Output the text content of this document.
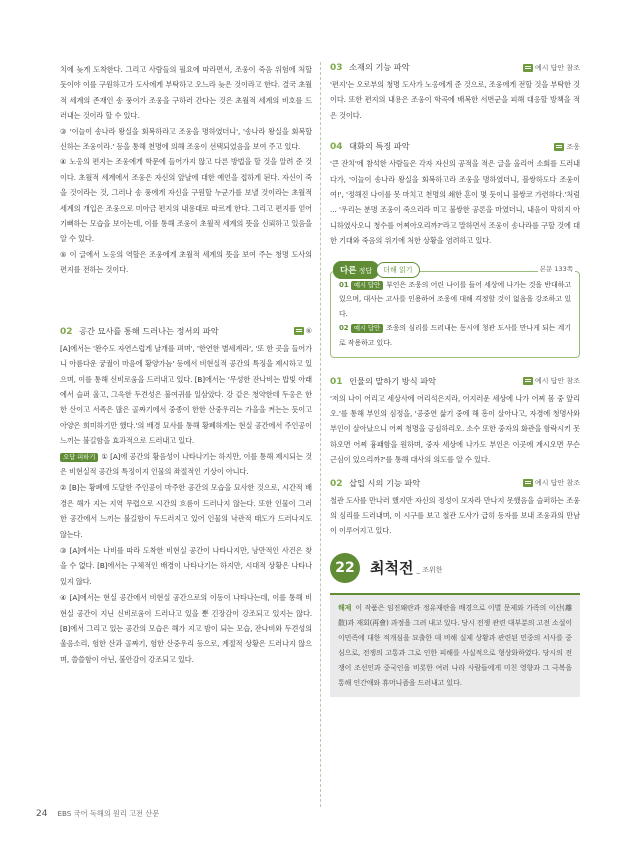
치에 늦게 도착한다. 그리고 사람들의 필요에 따라면서, 조웅이 죽음 위험에 처할 듯이야 이를 구원하고가 도사에게 부탁하고 오느라 늦은 것이라고 한다. 결국 초월적 세계의 존재인 송 풍이가 조웅을 구하러 간다는 것은 초월적 세계의 비호를 드러내는 것이라 할 수 있다.

③ '이늘이 송나라 왕실을 회복하라고 조웅을 명하였더니', '송나라 왕실을 회복할 신하는 조웅이라.' 등을 통해 천명에 의해 조웅이 선택되었음을 보여 주고 있다.

④ 노옹의 편지는 조웅에게 학문에 들어가지 않고 다른 방법을 할 것을 알려 준 것이다. 초월적 세계에서 조웅은 자신의 앞날에 대한 예언을 접하게 된다. 자신이 죽을 것이라는 것, 그러나 송 풍에게 자신을 구원할 누군가를 보낼 것이라는 초월적 세계의 개입은 조웅으로 미아금 편지의 내용대로 따르게 한다. 그리고 편지를 얻어 기뻐하는 모습을 보이는데, 이를 통해 조웅이 초월적 세계의 뜻을 신뢰하고 있음을 알 수 있다.

⑤ 이 글에서 노옹의 역할은 조웅에게 초월적 세계의 뜻을 보여 주는 청명 도사의 편지를 전하는 것이다.

02 공간 묘사를 통해 드러나는 정서의 파악	⑥

[A]에서는 '완수도 자연스럽게 날개를 펴며', '한연한 별세계라', '또 한 곳을 들어가니 아름다운 궁궐이 마음에 황양가늠' 등에서 비현실적 공간의 특징을 제시하고 있으며, 이를 통해 신비로움을 드러내고 있다. [B]에서는 '무성한 잔나비는 밥빛 아래에서 슬퍼 울고, 그윽한 두견성은 불여귀를 일삼았다. 강 같은 청약한데 두옹은 한한 산이고 서족은 많은 골짜기에서 중종이 한한 산중우리는 가을을 켜는는 듯이고 아양은 희미하기만 했다.'의 배경 묘사를 통해 황폐하게는 현실 공간에서 주인공이 느끼는 불길함을 효과적으로 드러내고 있다.

오답 피하기 ① [A]에 공간의 황음성이 나타나기는 하지만, 이를 통해 제시되는 것은 비현실적 공간의 특징이지 인물의 좌절적인 기상이 아니다.

② [B]는 황폐에 도달한 주인공이 마주한 공간의 모습을 묘사한 것으로, 시간적 배경은 해가 지는 지역 무렵으로 시간의 흐름이 드러나지 않는다. 또한 인물이 그러한 공간에서 느끼는 불길함이 두드러지고 있어 인물의 낙관적 태도가 드러나지도 않는다.

③ [A]에서는 나비를 따라 도착한 비현실 공간이 나타나지만, 낭만적인 사건은 찾을 수 없다. [B]에서는 구체적인 배경이 나타나기는 하지만, 시대적 상황은 나타나 있지 않다.

④ [A]에서는 현실 공간에서 비현실 공간으로의 이동이 나타나는데, 이를 통해 비현실 공간이 지닌 신비로움이 드러나고 있을 뿐 긴장감이 강조되고 있지는 않다. [B]에서 그리고 있는 공간의 모습은 해가 지고 밤이 되는 모습, 잔나비와 두견성의 울음소리, 험한 산과 골짜기, 험한 산중우리 등으로, 계절적 상황은 드러나지 않으며, 쓸쓸함이 아닌, 불안감이 강조되고 있다.

03 소재의 기능 파악	예시 답안 참조

'편지'는 오로부의 청명 도사가 노옹에게 준 것으로, 조웅에게 전할 것을 부탁한 것이다. 또한 편지의 내용은 조웅이 학곡에 배복한 서번군을 피해 대응할 방책을 적은 것이다.

04 대화의 특징 파악	조웅

'큰 잔치'에 참석한 사람들은 각자 자신의 공적을 적은 글을 올리어 소회를 드러내다가, '이늘이 송나라 왕실을 회복하고라 조웅을 명하였더니, 블쌍하도다 조웅이여!', '정해진 나이를 못 마치고 천명의 쇄한 흔이 몇 듯이니 블쌍코 가련하다.'처럼 ... '우리는 분명 조웅이 죽으리라 미고 불쌍한 공론을 마였더니, 내음이 막히지 아니하였사오니 청수를 어찌아오리까?'라고 말하면서 조웅이 송나라를 구할 것에 대한 기대와 죽음의 위기에 처한 상황을 염려하고 있다.

다른 정답	더해 읽기	본문 133쪽

01 예시 답안 부인은 조웅의 어린 나이를 들어 세상에 나가는 것을 반대하고 있으며, 대사는 고사를 인용하여 조웅에 대해 격정할 것이 없음을 강조하고 있다.

02 예시 답안 조웅의 심리를 드러내는 동시에 청관 도사를 만나게 되는 계기로 작용하고 있다.

01 인물의 말하기 방식 파악	예시 답안 참조

'저의 나이 어리고 세상사에 어리석은지라, 어지러운 세상에 나가 어찌 몸 중 앞리오.'를 통해 부인의 심정을, '공중연 삶기 중에 해 흥이 살아나고, 자경에 청명사와 부인이 살아났으니 어찌 청명을 긍심하리오. 소수 또한 중자의 화관을 함락시키 못하오면 어찌 흉패함을 원하며, 중자 세상에 나가도 부인은 이곳에 계시오면 무슨 근심이 있으리까?'를 통해 대사의 의도를 알 수 있다.

02 삽입 시의 기능 파악	예시 답안 참조

철관 도사를 만나러 했지만 자신의 정성이 모자라 만나지 못했음을 슬퍼하는 조웅의 심리를 드러내며, 이 시구를 보고 철관 도사가 급히 동자를 보내 조웅과의 만남이 이루어지고 있다.

22	최척전 _ 조위한

해제 이 작품은 임진왜란과 정유재란을 배경으로 이별 문제와 가족의 이산(離散)과 재회(再會) 과정을 그려 내고 있다. 당시 전쟁 관련 대부분의 고전 소설이 이민족에 대한 적개심을 묘출한 데 비해 실제 상황과 관련된 민중의 서사를 중심으로, 전쟁의 고통과 그로 인한 피해를 사실적으로 형상화하였다. 당시의 전쟁이 조선인과 중국인을 비롯한 여러 나라 사람들에게 미친 영향과 그 극복을 통해 인간애와 휴머니즘을 드러내고 있다.

24 EBS 국어 독해의 원리 고전 산문
